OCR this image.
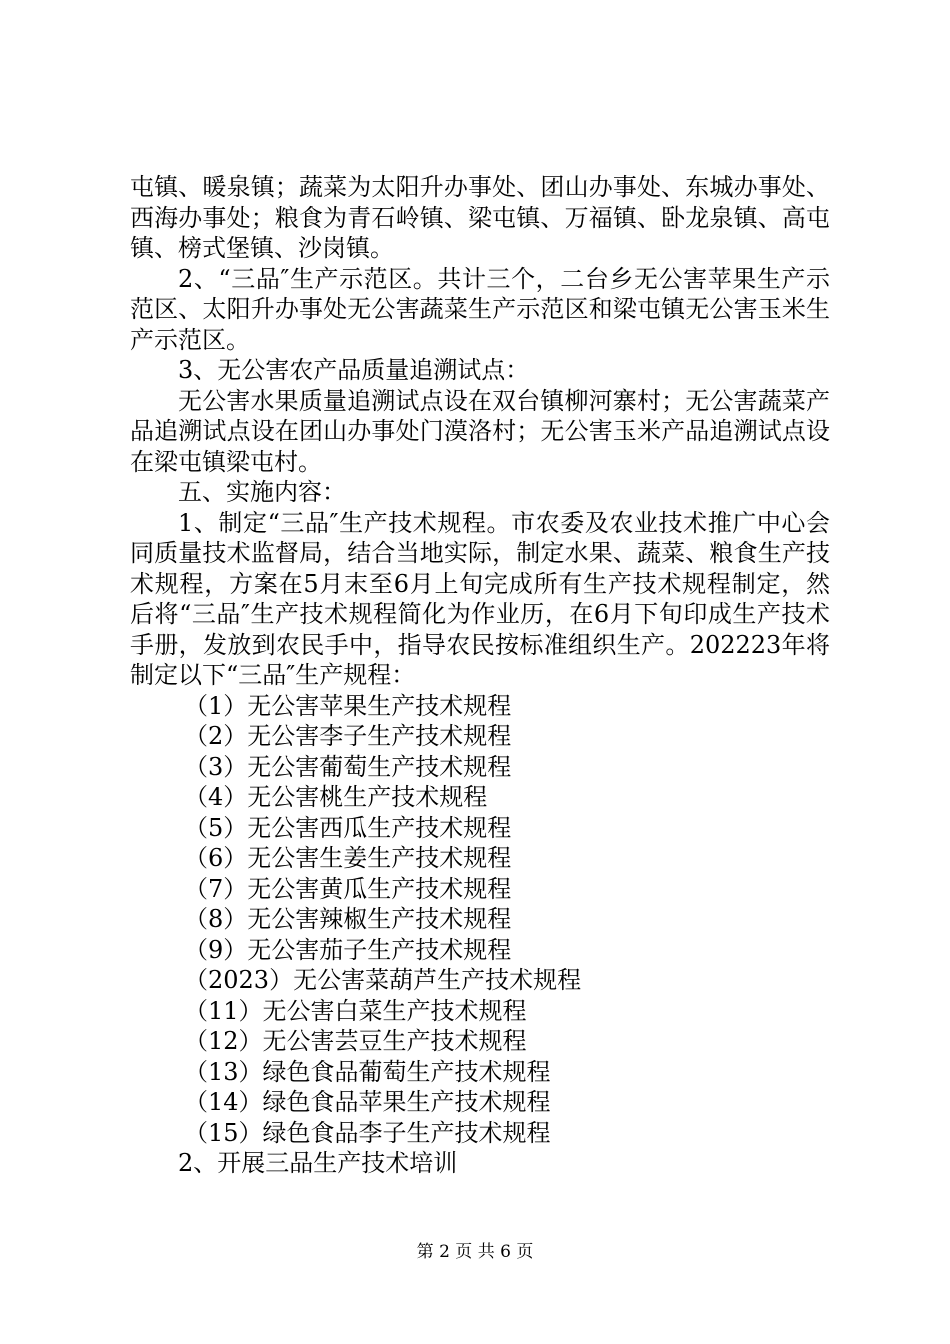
屯镇、暖泉镇；蔬菜为太阳升办事处、团山办事处、东城办事处、西海办事处；粮食为青石岭镇、梁屯镇、万福镇、卧龙泉镇、高屯镇、榜式堡镇、沙岗镇。

2、“三品″生产示范区。共计三个，二台乡无公害苹果生产示范区、太阳升办事处无公害蔬菜生产示范区和梁屯镇无公害玉米生产示范区。

3、无公害农产品质量追溯试点：

无公害水果质量追溯试点设在双台镇柳河寨村；无公害蔬菜产品追溯试点设在团山办事处门漠洛村；无公害玉米产品追溯试点设在梁屯镇梁屯村。

五、实施内容：

1、制定“三品″生产技术规程。市农委及农业技术推广中心会同质量技术监督局，结合当地实际，制定水果、蔬菜、粮食生产技术规程，方案在5月末至6月上旬完成所有生产技术规程制定，然后将“三品″生产技术规程简化为作业历，在6月下旬印成生产技术手册，发放到农民手中，指导农民按标准组织生产。202223年将制定以下“三品″生产规程：

（1）无公害苹果生产技术规程

（2）无公害李子生产技术规程

（3）无公害葡萄生产技术规程

（4）无公害桃生产技术规程

（5）无公害西瓜生产技术规程

（6）无公害生姜生产技术规程

（7）无公害黄瓜生产技术规程

（8）无公害辣椒生产技术规程

（9）无公害茄子生产技术规程

（2023）无公害菜葫芦生产技术规程

（11）无公害白菜生产技术规程

（12）无公害芸豆生产技术规程

（13）绿色食品葡萄生产技术规程

（14）绿色食品苹果生产技术规程

（15）绿色食品李子生产技术规程

2、开展三品生产技术培训

第 2 页 共 6 页
